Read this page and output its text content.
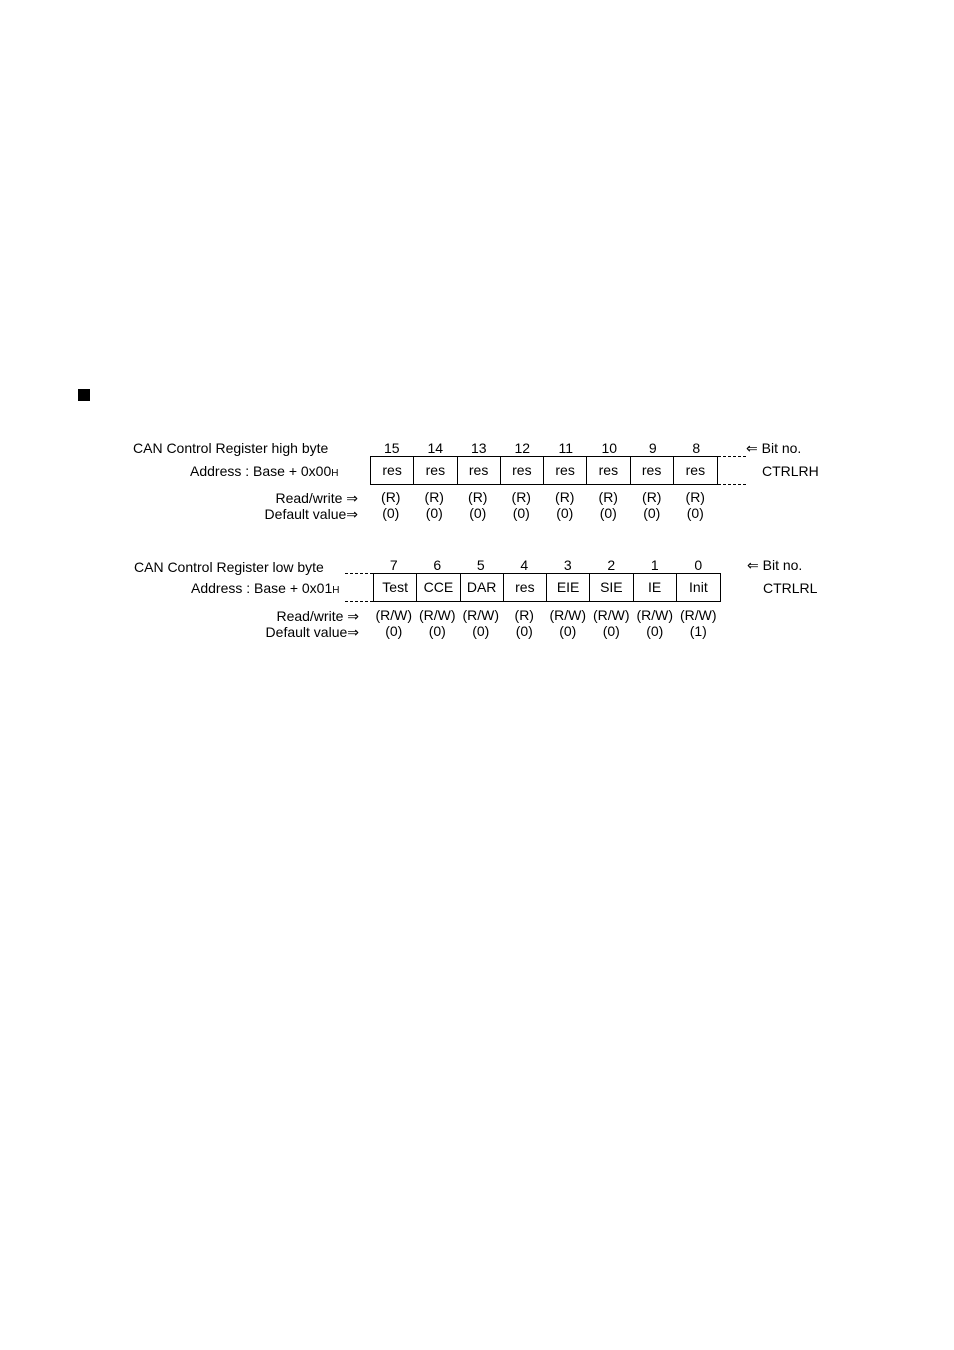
CAN Control Register high byte
Address : Base + 0x00H
15	14	13	12	11	10	9	8
res	res	res	res	res	res	res	res
⇐ Bit no.
CTRLRH
Read/write ⇒
Default value⇒
(R)	(R)	(R)	(R)	(R)	(R)	(R)	(R)
(0)	(0)	(0)	(0)	(0)	(0)	(0)	(0)
CAN Control Register low byte
Address : Base + 0x01H
7	6	5	4	3	2	1	0
Test	CCE DAR	res	EIE	SIE	IE	Init
⇐ Bit no.
CTRLRL
Read/write ⇒
Default value⇒
(R/W) (R/W) (R/W)	(R)	(R/W) (R/W) (R/W) (R/W)
(0)	(0)	(0)	(0)	(0)	(0)	(0)	(1)
